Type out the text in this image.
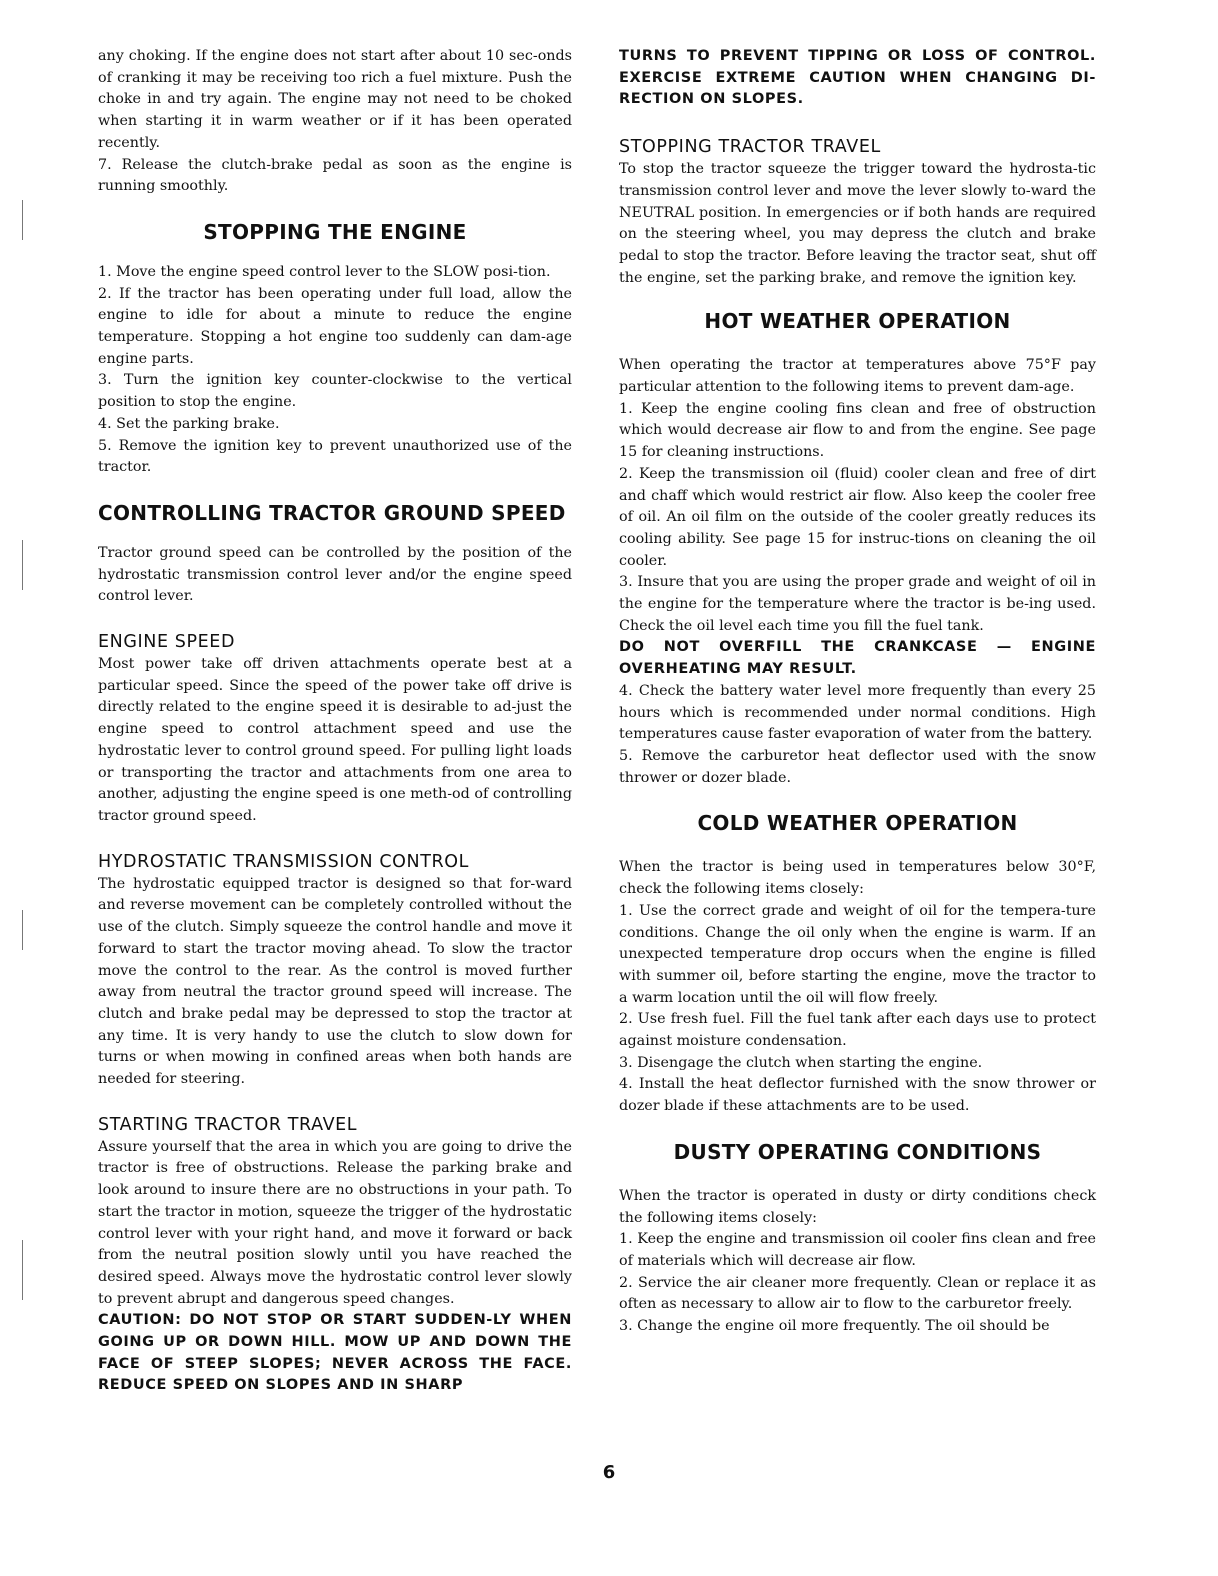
any choking. If the engine does not start after about 10 sec-onds of cranking it may be receiving too rich a fuel mixture. Push the choke in and try again. The engine may not need to be choked when starting it in warm weather or if it has been operated recently.

7. Release the clutch-brake pedal as soon as the engine is running smoothly.

STOPPING THE ENGINE

1. Move the engine speed control lever to the SLOW posi-tion.

2. If the tractor has been operating under full load, allow the engine to idle for about a minute to reduce the engine temperature. Stopping a hot engine too suddenly can dam-age engine parts.

3. Turn the ignition key counter-clockwise to the vertical position to stop the engine.

4. Set the parking brake.

5. Remove the ignition key to prevent unauthorized use of the tractor.

CONTROLLING TRACTOR GROUND SPEED

Tractor ground speed can be controlled by the position of the hydrostatic transmission control lever and/or the engine speed control lever.

ENGINE SPEED

Most power take off driven attachments operate best at a particular speed. Since the speed of the power take off drive is directly related to the engine speed it is desirable to ad-just the engine speed to control attachment speed and use the hydrostatic lever to control ground speed. For pulling light loads or transporting the tractor and attachments from one area to another, adjusting the engine speed is one meth-od of controlling tractor ground speed.

HYDROSTATIC TRANSMISSION CONTROL

The hydrostatic equipped tractor is designed so that for-ward and reverse movement can be completely controlled without the use of the clutch. Simply squeeze the control handle and move it forward to start the tractor moving ahead. To slow the tractor move the control to the rear. As the control is moved further away from neutral the tractor ground speed will increase. The clutch and brake pedal may be depressed to stop the tractor at any time. It is very handy to use the clutch to slow down for turns or when mowing in confined areas when both hands are needed for steering.

STARTING TRACTOR TRAVEL

Assure yourself that the area in which you are going to drive the tractor is free of obstructions. Release the parking brake and look around to insure there are no obstructions in your path. To start the tractor in motion, squeeze the trigger of the hydrostatic control lever with your right hand, and move it forward or back from the neutral position slowly until you have reached the desired speed. Always move the hydrostatic control lever slowly to prevent abrupt and dangerous speed changes.

CAUTION: DO NOT STOP OR START SUDDEN-LY WHEN GOING UP OR DOWN HILL. MOW UP AND DOWN THE FACE OF STEEP SLOPES; NEVER ACROSS THE FACE. REDUCE SPEED ON SLOPES AND IN SHARP

TURNS TO PREVENT TIPPING OR LOSS OF CONTROL. EXERCISE EXTREME CAUTION WHEN CHANGING DI-RECTION ON SLOPES.

STOPPING TRACTOR TRAVEL

To stop the tractor squeeze the trigger toward the hydrosta-tic transmission control lever and move the lever slowly to-ward the NEUTRAL position. In emergencies or if both hands are required on the steering wheel, you may depress the clutch and brake pedal to stop the tractor. Before leaving the tractor seat, shut off the engine, set the parking brake, and remove the ignition key.

HOT WEATHER OPERATION

When operating the tractor at temperatures above 75°F pay particular attention to the following items to prevent dam-age.

1. Keep the engine cooling fins clean and free of obstruction which would decrease air flow to and from the engine. See page 15 for cleaning instructions.

2. Keep the transmission oil (fluid) cooler clean and free of dirt and chaff which would restrict air flow. Also keep the cooler free of oil. An oil film on the outside of the cooler greatly reduces its cooling ability. See page 15 for instruc-tions on cleaning the oil cooler.

3. Insure that you are using the proper grade and weight of oil in the engine for the temperature where the tractor is be-ing used. Check the oil level each time you fill the fuel tank.

DO NOT OVERFILL THE CRANKCASE — ENGINE OVERHEATING MAY RESULT.

4. Check the battery water level more frequently than every 25 hours which is recommended under normal conditions. High temperatures cause faster evaporation of water from the battery.

5. Remove the carburetor heat deflector used with the snow thrower or dozer blade.

COLD WEATHER OPERATION

When the tractor is being used in temperatures below 30°F, check the following items closely:

1. Use the correct grade and weight of oil for the tempera-ture conditions. Change the oil only when the engine is warm. If an unexpected temperature drop occurs when the engine is filled with summer oil, before starting the engine, move the tractor to a warm location until the oil will flow freely.

2. Use fresh fuel. Fill the fuel tank after each days use to protect against moisture condensation.

3. Disengage the clutch when starting the engine.

4. Install the heat deflector furnished with the snow thrower or dozer blade if these attachments are to be used.

DUSTY OPERATING CONDITIONS

When the tractor is operated in dusty or dirty conditions check the following items closely:

1. Keep the engine and transmission oil cooler fins clean and free of materials which will decrease air flow.

2. Service the air cleaner more frequently. Clean or replace it as often as necessary to allow air to flow to the carburetor freely.

3. Change the engine oil more frequently. The oil should be

6
